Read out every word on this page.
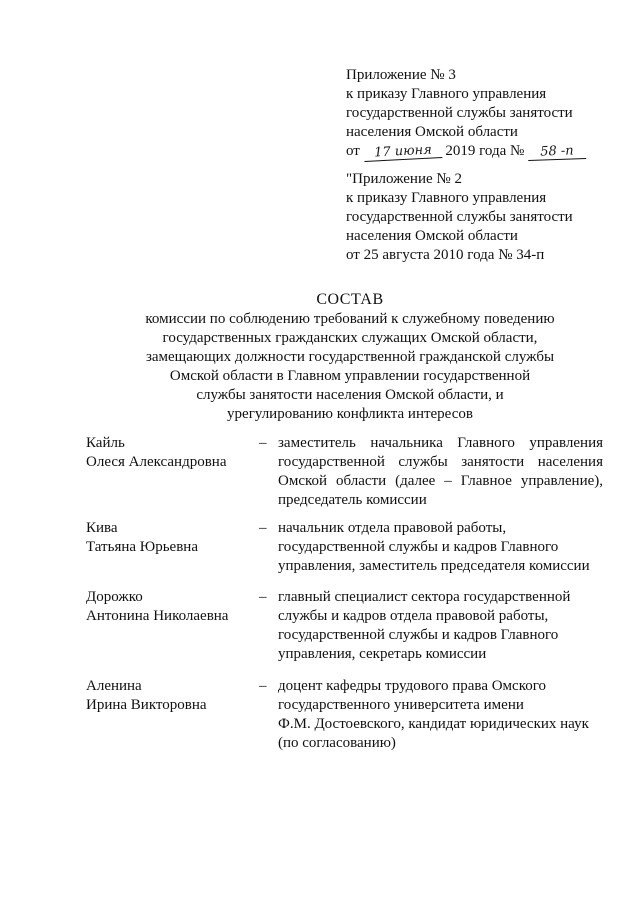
Приложение № 3
к приказу Главного управления
государственной службы занятости
населения Омской области
от 17 июня 2019 года № 58 -п
"Приложение № 2
к приказу Главного управления
государственной службы занятости
населения Омской области
от 25 августа 2010 года № 34-п
СОСТАВ
комиссии по соблюдению требований к служебному поведению
государственных гражданских служащих Омской области,
замещающих должности государственной гражданской службы
Омской области в Главном управлении государственной
службы занятости населения Омской области, и
урегулированию конфликта интересов
Кайль
Олеся Александровна
– заместитель начальника Главного управления
государственной службы занятости населения
Омской области (далее – Главное управление),
председатель комиссии
Кива
Татьяна Юрьевна
– начальник отдела правовой работы,
государственной службы и кадров Главного
управления, заместитель председателя комиссии
Дорожко
Антонина Николаевна
– главный специалист сектора государственной
службы и кадров отдела правовой работы,
государственной службы и кадров Главного
управления, секретарь комиссии
Аленина
Ирина Викторовна
– доцент кафедры трудового права Омского
государственного университета имени
Ф.М. Достоевского, кандидат юридических наук
(по согласованию)
